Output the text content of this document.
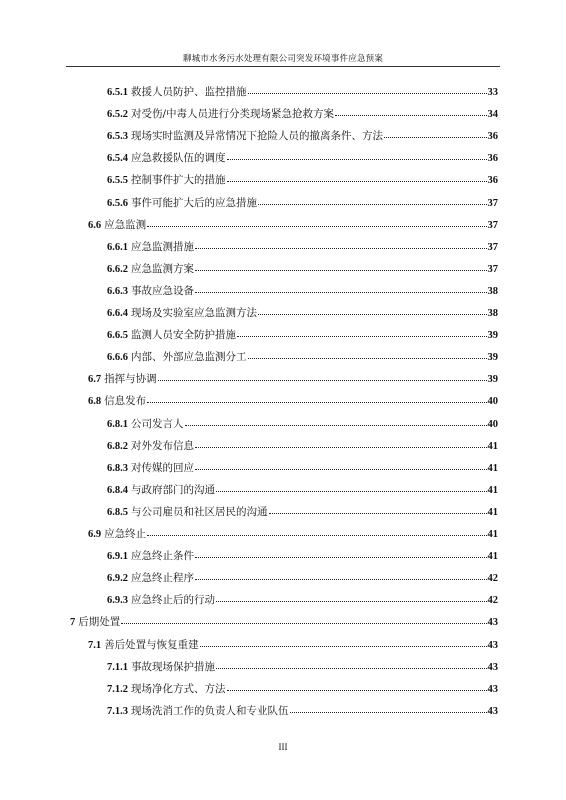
聊城市水务污水处理有限公司突发环境事件应急预案
6.5.1 救援人员防护、监控措施	33
6.5.2 对受伤/中毒人员进行分类现场紧急抢救方案	34
6.5.3 现场实时监测及异常情况下抢险人员的撤离条件、方法	36
6.5.4 应急救援队伍的调度	36
6.5.5 控制事件扩大的措施	36
6.5.6 事件可能扩大后的应急措施	37
6.6 应急监测	37
6.6.1 应急监测措施	37
6.6.2 应急监测方案	37
6.6.3 事故应急设备	38
6.6.4 现场及实验室应急监测方法	38
6.6.5 监测人员安全防护措施	39
6.6.6 内部、外部应急监测分工	39
6.7 指挥与协调	39
6.8 信息发布	40
6.8.1 公司发言人	40
6.8.2 对外发布信息	41
6.8.3 对传媒的回应	41
6.8.4 与政府部门的沟通	41
6.8.5 与公司雇员和社区居民的沟通	41
6.9 应急终止	41
6.9.1 应急终止条件	41
6.9.2 应急终止程序	42
6.9.3 应急终止后的行动	42
7 后期处置	43
7.1 善后处置与恢复重建	43
7.1.1 事故现场保护措施	43
7.1.2 现场净化方式、方法	43
7.1.3 现场洗消工作的负责人和专业队伍	43
III
